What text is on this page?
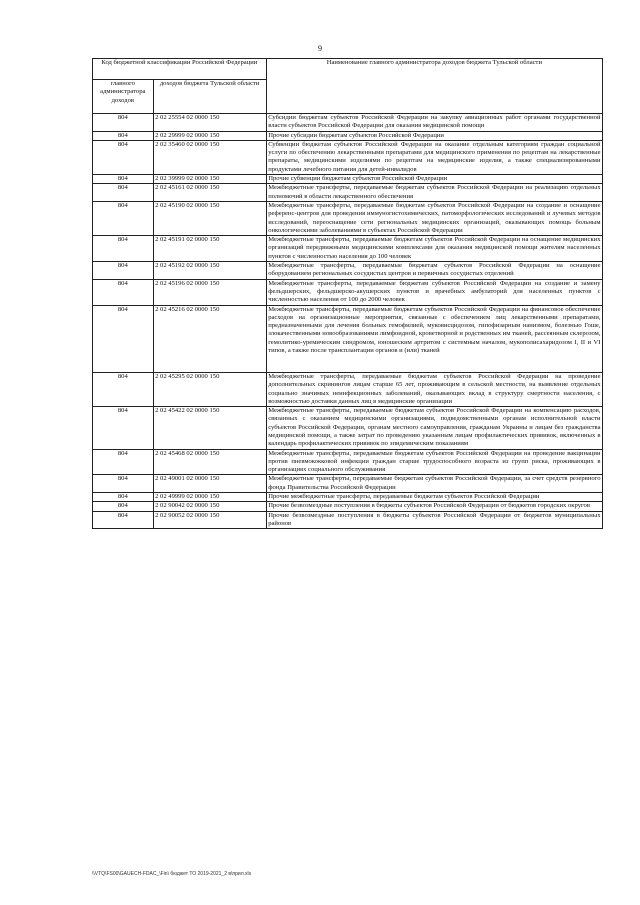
9
Код бюджетной классификации Российской Федерации		Наименование главного администратора доходов бюджета Тульской области
главного администратора доходов	доходов бюджета Тульской области	
804	2 02 25554 02 0000 150	Субсидии бюджетам субъектов Российской Федерации на закупку авиационных работ органами государственной власти субъектов Российской Федерации для оказания медицинской помощи
804	2 02 29999 02 0000 150	Прочие субсидии бюджетам субъектов Российской Федерации
804	2 02 35460 02 0000 150	Субвенции бюджетам субъектов Российской Федерации на оказание отдельным категориям граждан социальной услуги по обеспечению лекарственными препаратами для медицинского применения по рецептам на лекарственные препараты, медицинскими изделиями по рецептам на медицинские изделия, а также специализированными продуктами лечебного питания для детей-инвалидов
804	2 02 39999 02 0000 150	Прочие субвенции бюджетам субъектов Российской Федерации
804	2 02 45161 02 0000 150	Межбюджетные трансферты, передаваемые бюджетам субъектов Российской Федерации на реализацию отдельных полномочий в области лекарственного обеспечения
804	2 02 45190 02 0000 150	Межбюджетные трансферты, передаваемые бюджетам субъектов Российской Федерации на создание и оснащение референс-центров для проведения иммуногистохимических, патоморфологических исследований и лучевых методов исследований, переоснащение сети региональных медицинских организаций, оказывающих помощь больным онкологическими заболеваниями в субъектах Российской Федерации
804	2 02 45191 02 0000 150	Межбюджетные трансферты, передаваемые бюджетам субъектов Российской Федерации на оснащение медицинских организаций передвижными медицинскими комплексами для оказания медицинской помощи жителям населенных пунктов с численностью населения до 100 человек
804	2 02 45192 02 0000 150	Межбюджетные трансферты, передаваемые бюджетам субъектов Российской Федерации на оснащение оборудованием региональных сосудистых центров и первичных сосудистых отделений
804	2 02 45196 02 0000 150	Межбюджетные трансферты, передаваемые бюджетам субъектов Российской Федерации на создание и замену фельдшерских, фельдшерско-акушерских пунктов и врачебных амбулаторий для населенных пунктов с численностью населения от 100 до 2000 человек
804	2 02 45216 02 0000 150	Межбюджетные трансферты, передаваемые бюджетам субъектов Российской Федерации на финансовое обеспечение расходов на организационные мероприятия, связанные с обеспечением лиц лекарственными препаратами, предназначенными для лечения больных гемофилией, муковисцидозом, гипофизарным нанизмом, болезнью Гоше, злокачественными новообразованиями лимфоидной, кроветворной и родственных им тканей, рассеянным склерозом, гемолитико-уремическим синдромом, юношеским артритом с системным началом, мукополисахаридозом I, II и VI типов, а также после трансплантации органов и (или) тканей
804	2 02 45295 02 0000 150	Межбюджетные трансферты, передаваемые бюджетам субъектов Российской Федерации на проведение дополнительных скринингов лицам старше 65 лет, проживающим в сельской местности, на выявление отдельных социально значимых неинфекционных заболеваний, оказывающих вклад в структуру смертности населения, с возможностью доставки данных лиц в медицинские организации
804	2 02 45422 02 0000 150	Межбюджетные трансферты, передаваемые бюджетам субъектов Российской Федерации на компенсацию расходов, связанных с оказанием медицинскими организациями, подведомственными органам исполнительной власти субъектов Российской Федерации, органам местного самоуправления, гражданам Украины и лицам без гражданства медицинской помощи, а также затрат по проведению указанным лицам профилактических прививок, включенных в календарь профилактических прививок по эпидемическим показаниям
804	2 02 45468 02 0000 150	Межбюджетные трансферты, передаваемые бюджетам субъектов Российской Федерации на проведение вакцинации против пневмококковой инфекции граждан старше трудоспособного возраста из групп риска, проживающих в организациях социального обслуживания
804	2 02 49001 02 0000 150	Межбюджетные трансферты, передаваемые бюджетам субъектов Российской Федерации, за счет средств резервного фонда Правительства Российской Федерации
804	2 02 49999 02 0000 150	Прочие межбюджетные трансферты, передаваемые бюджетам субъектов Российской Федерации
804	2 02 90042 02 0000 150	Прочие безвозмездные поступления в бюджеты субъектов Российской Федерации от бюджетов городских округов
804	2 02 90052 02 0000 150	Прочие безвозмездные поступления в бюджеты субъектов Российской Федерации от бюджетов муниципальных районов
\\VTQ\FS00\GAUECH-FDAC_\Fin\ бюджет ТО 2019-2021_2 в\прил.xls
